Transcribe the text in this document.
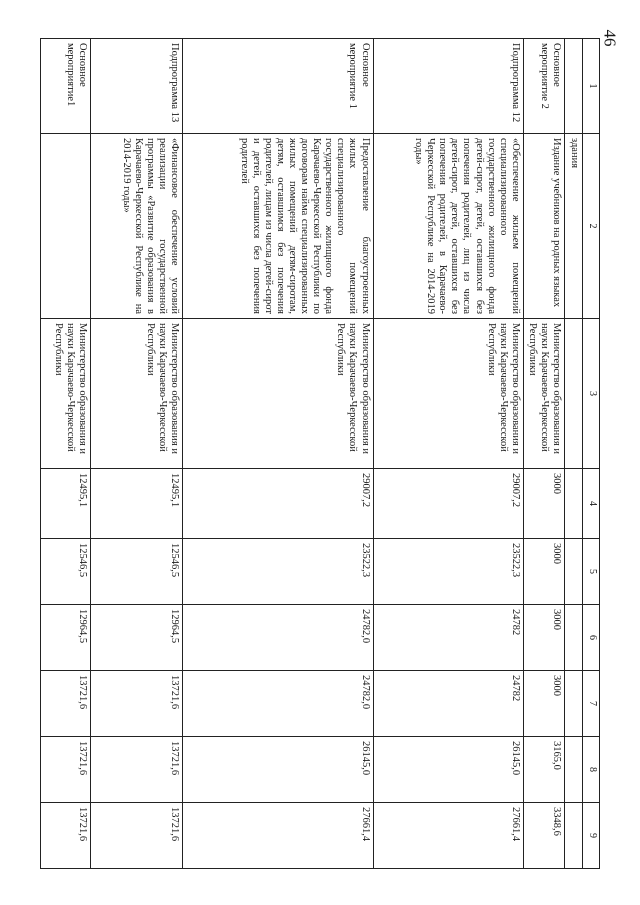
46
1	2	3	4	5	6	7	8	9
	здания							
Основное мероприятие 2	Издание учебников на родных языках	Министерство образования и науки Карачаево-Черкесской Республики	3000	3000	3000	3000	3165,0	3348,6
Подпрограмма 12	«Обеспечение жильем помещений специализированного государственного жилищного фонда детей-сирот, детей, оставшихся без попечения родителей, лиц из числа детей-сирот, детей, оставшихся без попечения родителей, в Карачаево-Черкесской Республике на 2014-2019 годы»	Министерство образования и науки Карачаево-Черкесской Республики	29007,2	23522,3	24782	24782	26145,0	27661,4
Основное мероприятие 1	Предоставление благоустроенных жилых помещений специализированного государственного жилищного фонда Карачаево-Черкесской Республики по договорам найма специализированных жилых помещений детям-сиротам, детям, оставшимся без попечения родителей, лицам из числа детей-сирот и детей, оставшихся без попечения родителей	Министерство образования и науки Карачаево-Черкесской Республики	29007,2	23522,3	24782,0	24782,0	26145,0	27661,4
Подпрограмма 13	«Финансовое обеспечение условий реализации государственной программы «Развитие образования в Карачаево-Черкесской Республике на 2014-2019 годы»	Министерство образования и науки Карачаево-Черкесской Республики	12495,1	12546,5	12964,5	13721,6	13721,6	13721,6
Основное мероприятие1		Министерство образования и науки Карачаево-Черкесской Республики	12495,1	12546,5	12964,5	13721,6	13721,6	13721,6
